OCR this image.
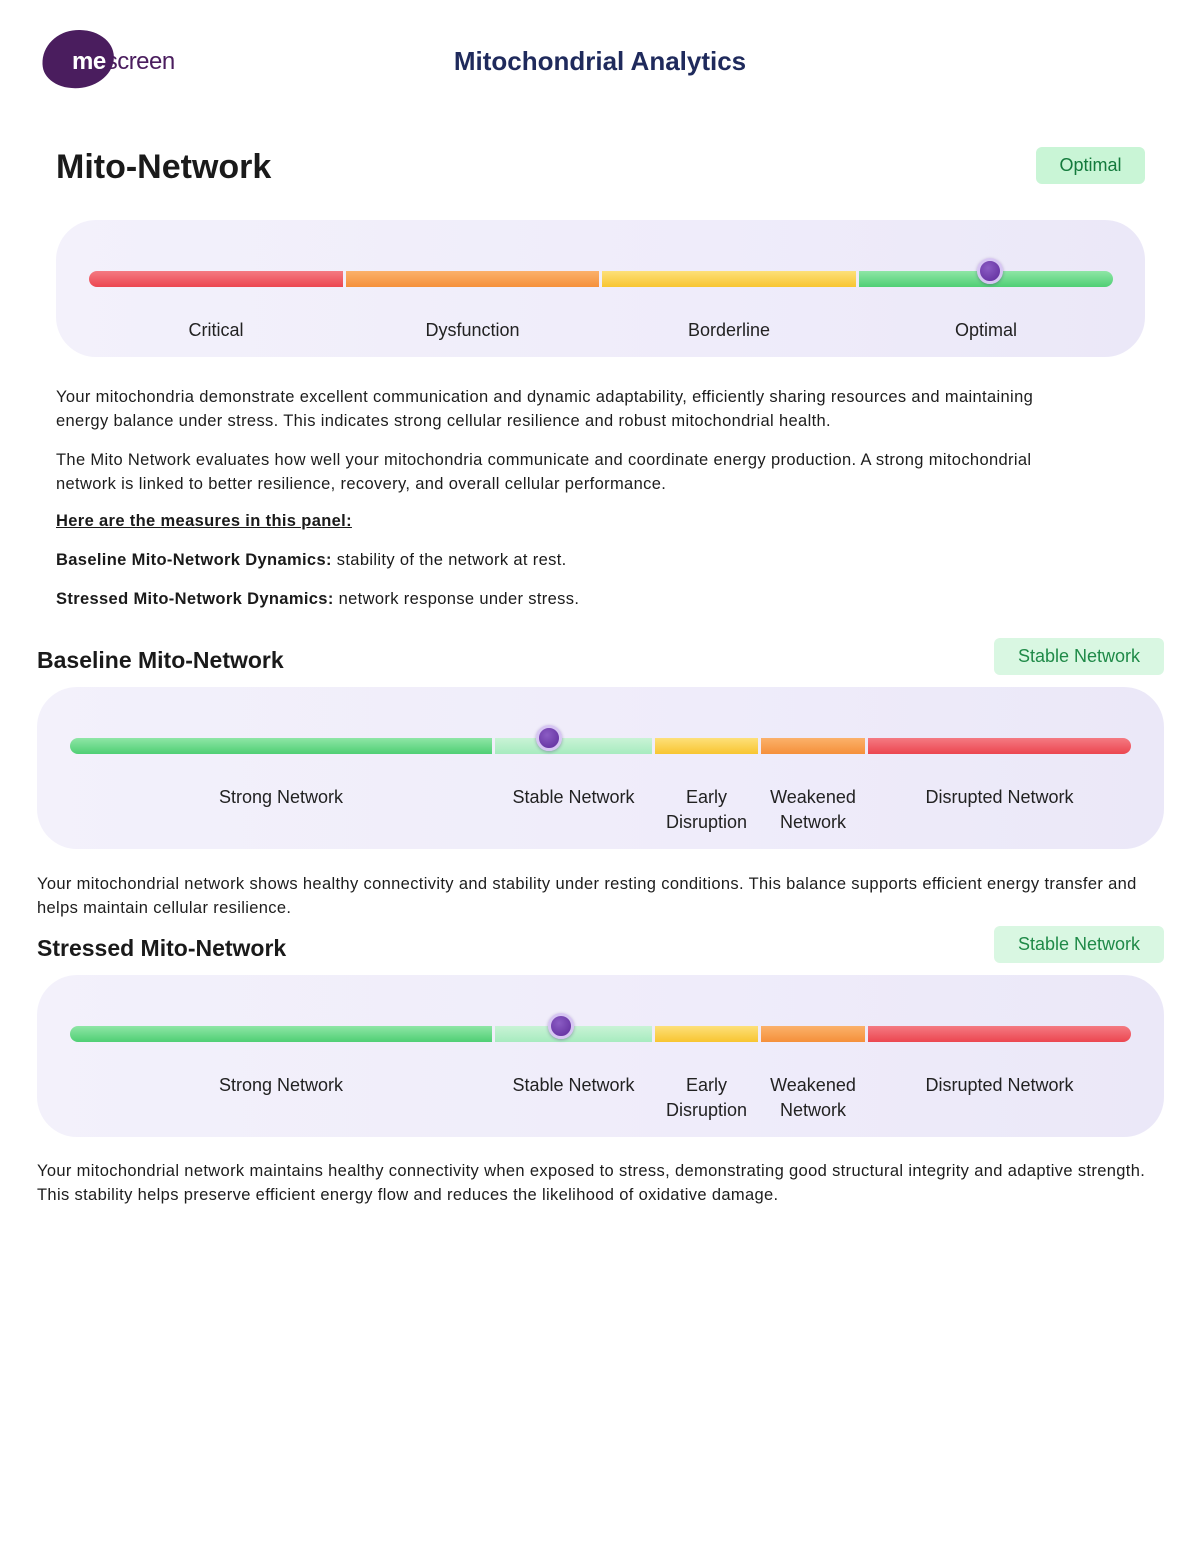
mescreen	Mitochondrial Analytics
Mito-Network	Optimal
Critical	Dysfunction	Borderline	Optimal
Your mitochondria demonstrate excellent communication and dynamic adaptability, efficiently sharing resources and maintaining energy balance under stress. This indicates strong cellular resilience and robust mitochondrial health.
The Mito Network evaluates how well your mitochondria communicate and coordinate energy production. A strong mitochondrial network is linked to better resilience, recovery, and overall cellular performance.
Here are the measures in this panel:
Baseline Mito-Network Dynamics: stability of the network at rest.
Stressed Mito-Network Dynamics: network response under stress.
Baseline Mito-Network	Stable Network
Strong Network	Stable Network	Early Disruption
Weakened Network
Disrupted Network
Your mitochondrial network shows healthy connectivity and stability under resting conditions. This balance supports efficient energy transfer and helps maintain cellular resilience.
Stressed Mito-Network	Stable Network
Strong Network	Stable Network	Early Disruption
Weakened Network
Disrupted Network
Your mitochondrial network maintains healthy connectivity when exposed to stress, demonstrating good structural integrity and adaptive strength. This stability helps preserve efficient energy flow and reduces the likelihood of oxidative damage.
